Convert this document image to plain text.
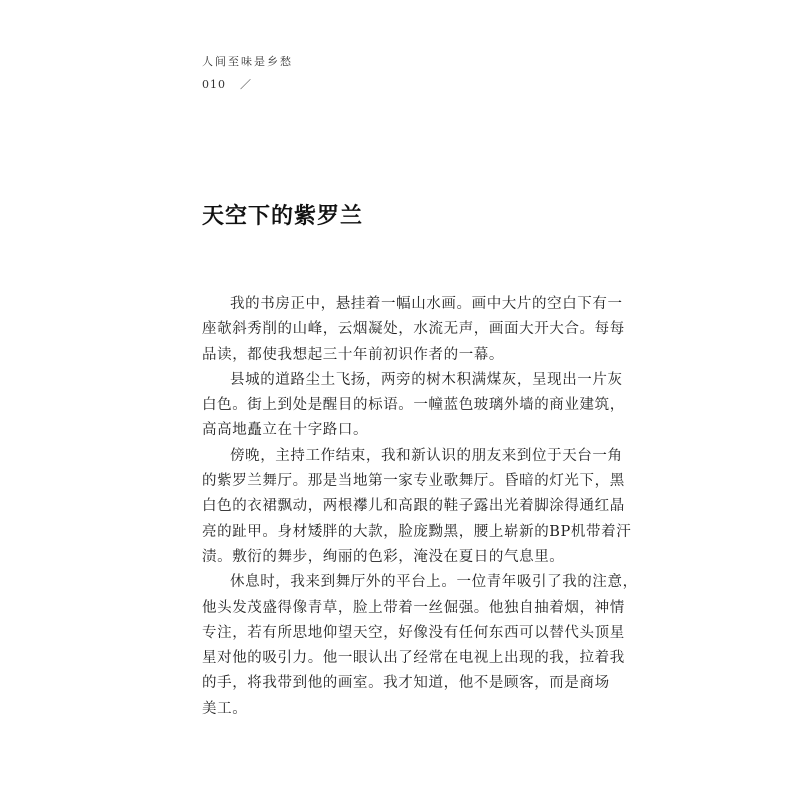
人间至味是乡愁
010 ／
天空下的紫罗兰
我的书房正中，悬挂着一幅山水画。画中大片的空白下有一
座欹斜秀削的山峰，云烟凝处，水流无声，画面大开大合。每每
品读，都使我想起三十年前初识作者的一幕。
县城的道路尘土飞扬，两旁的树木积满煤灰，呈现出一片灰
白色。街上到处是醒目的标语。一幢蓝色玻璃外墙的商业建筑，
高高地矗立在十字路口。
傍晚，主持工作结束，我和新认识的朋友来到位于天台一角
的紫罗兰舞厅。那是当地第一家专业歌舞厅。昏暗的灯光下，黑
白色的衣裙飘动，两根襻儿和高跟的鞋子露出光着脚涂得通红晶
亮的趾甲。身材矮胖的大款，脸庞黝黑，腰上崭新的BP机带着汗
渍。敷衍的舞步，绚丽的色彩，淹没在夏日的气息里。
休息时，我来到舞厅外的平台上。一位青年吸引了我的注意，
他头发茂盛得像青草，脸上带着一丝倔强。他独自抽着烟，神情
专注，若有所思地仰望天空，好像没有任何东西可以替代头顶星
星对他的吸引力。他一眼认出了经常在电视上出现的我，拉着我
的手，将我带到他的画室。我才知道，他不是顾客，而是商场
美工。
